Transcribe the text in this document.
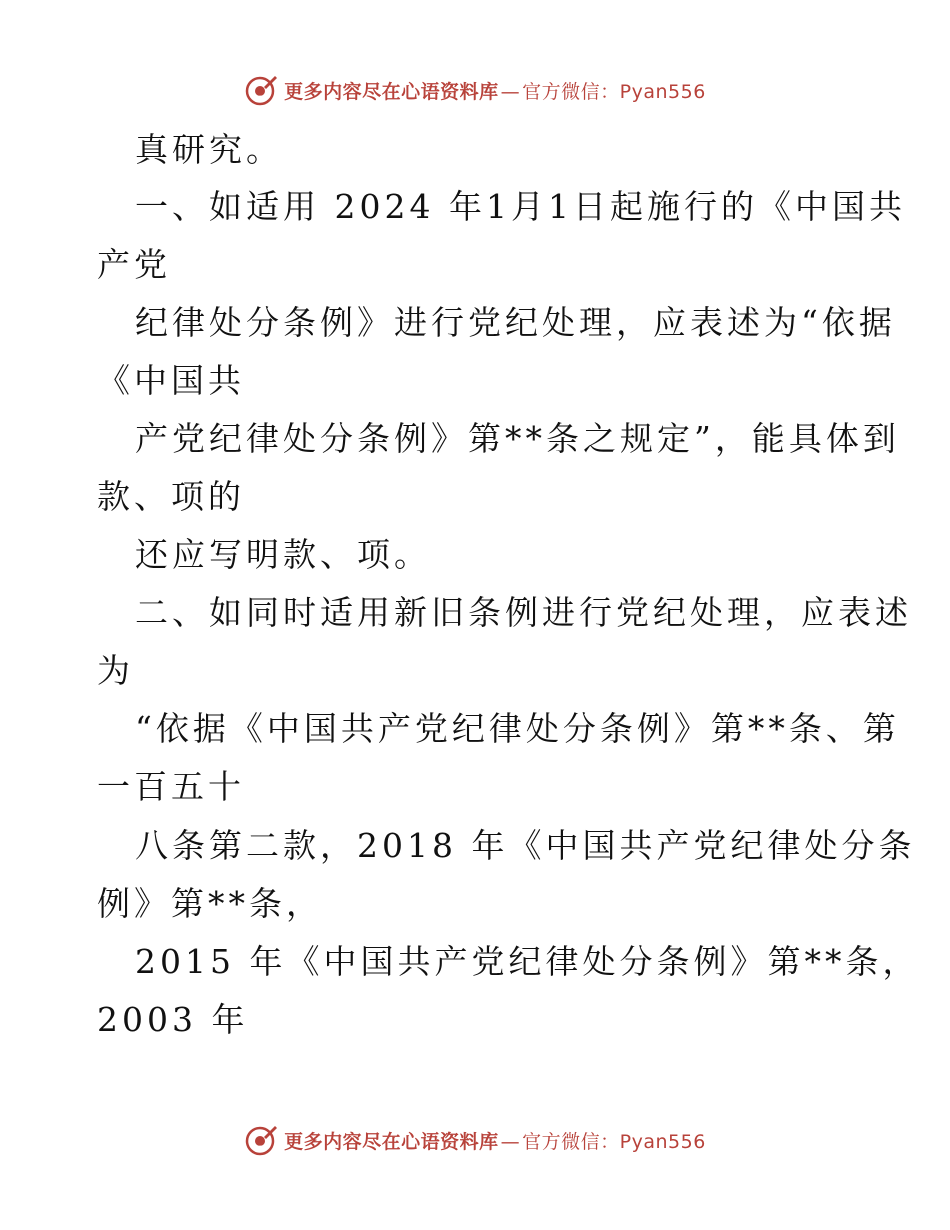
更多内容尽在心语资料库 — 官方微信：Pyan556
真研究。
一、如适用 2024 年1月1日起施行的《中国共
产党
纪律处分条例》进行党纪处理，应表述为“依据
《中国共
产党纪律处分条例》第**条之规定”，能具体到
款、项的
还应写明款、项。
二、如同时适用新旧条例进行党纪处理，应表述
为
“依据《中国共产党纪律处分条例》第**条、第
一百五十
八条第二款，2018 年《中国共产党纪律处分条
例》第**条，
2015 年《中国共产党纪律处分条例》第**条，
2003 年
更多内容尽在心语资料库 — 官方微信：Pyan556
